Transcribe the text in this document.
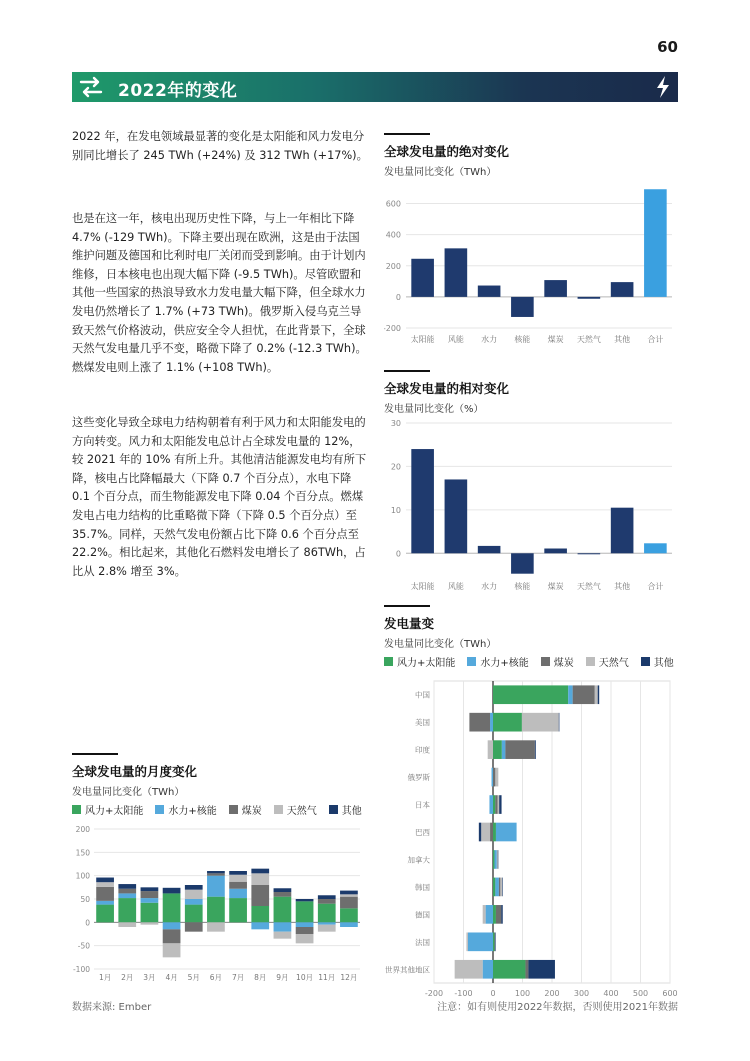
60
2022年的变化
2022 年，在发电领域最显著的变化是太阳能和风力发电分别同比增长了 245 TWh (+24%) 及 312 TWh (+17%)。
也是在这一年，核电出现历史性下降，与上一年相比下降 4.7% (-129 TWh)。下降主要出现在欧洲，这是由于法国维护问题及德国和比利时电厂关闭而受到影响。由于计划内维修，日本核电也出现大幅下降 (-9.5 TWh)。尽管欧盟和其他一些国家的热浪导致水力发电量大幅下降，但全球水力发电仍然增长了 1.7% (+73 TWh)。俄罗斯入侵乌克兰导致天然气价格波动，供应安全令人担忧，在此背景下，全球天然气发电量几乎不变，略微下降了 0.2% (-12.3 TWh)。燃煤发电则上涨了 1.1% (+108 TWh)。
这些变化导致全球电力结构朝着有利于风力和太阳能发电的方向转变。风力和太阳能发电总计占全球发电量的 12%，较 2021 年的 10% 有所上升。其他清洁能源发电均有所下降，核电占比降幅最大（下降 0.7 个百分点），水电下降 0.1 个百分点，而生物能源发电下降 0.04 个百分点。燃煤发电占电力结构的比重略微下降（下降 0.5 个百分点）至 35.7%。同样，天然气发电份额占比下降 0.6 个百分点至 22.2%。相比起来，其他化石燃料发电增长了 86TWh，占比从 2.8% 增至 3%。
全球发电量的绝对变化
发电量同比变化（TWh）
-200
0
200
400
600
太阳能 风能 水力 核能 煤炭 天然气 其他 合计
全球发电量的相对变化
发电量同比变化（%）
0
10
20
30
太阳能 风能 水力 核能 煤炭 天然气 其他 合计
发电量变
发电量同比变化（TWh）
风力+太阳能	水力+核能	煤炭	天然气	其他
-200 -100 0 100 200 300 400 500 600
中国
美国
印度
俄罗斯
日本
巴西
加拿大
韩国
德国
法国
世界其他地区
全球发电量的月度变化
发电量同比变化（TWh）
风力+太阳能	水力+核能	煤炭	天然气	其他
-100
-50
0
50
100
150
200
1月 2月 3月 4月 5月 6月 7月 8月 9月 10月 11月 12月
数据来源: Ember	注意：如有则使用2022年数据，否则使用2021年数据
